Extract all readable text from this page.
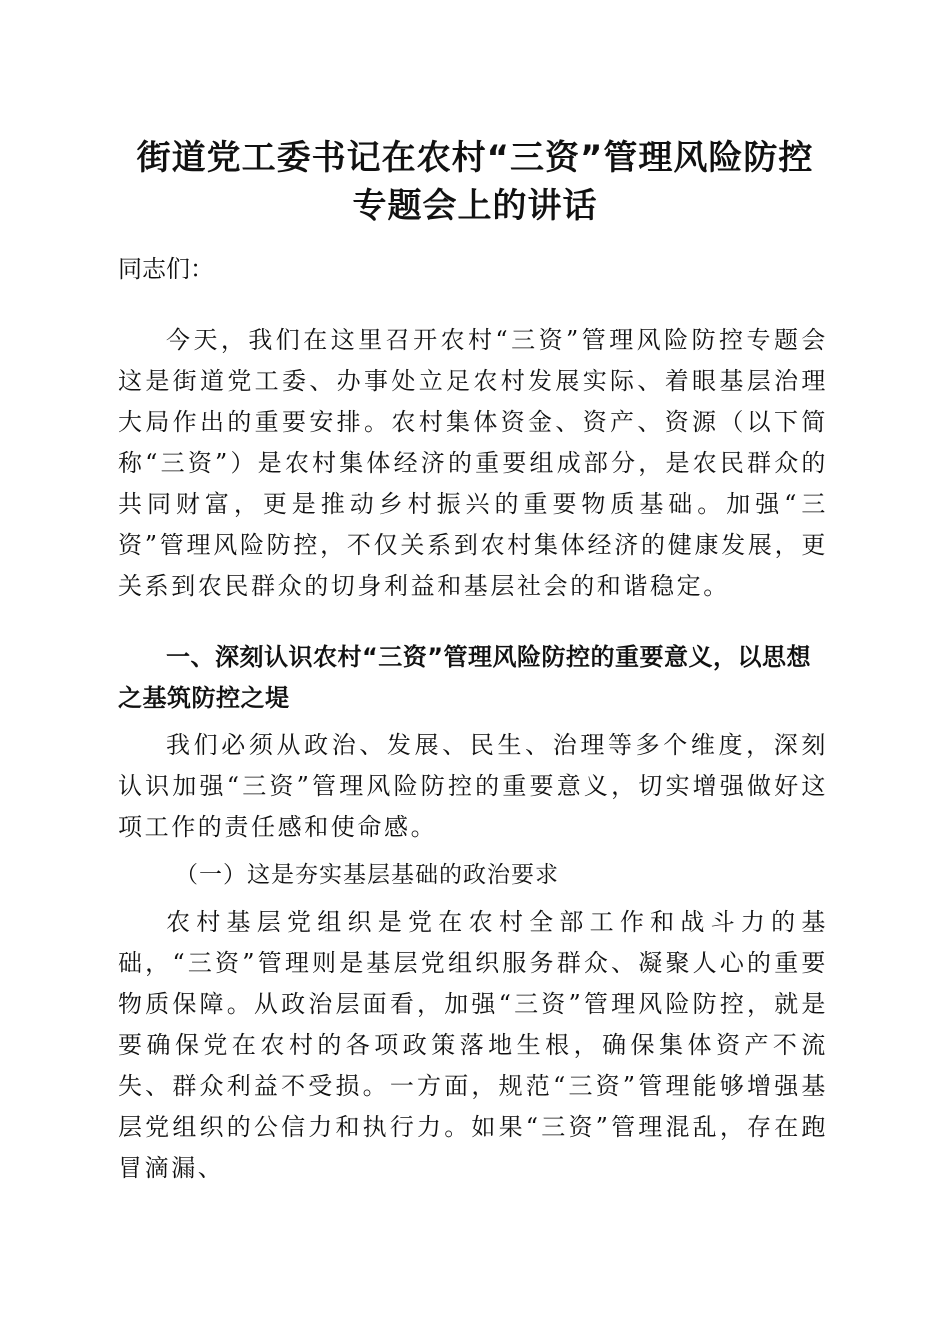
街道党工委书记在农村“三资”管理风险防控
专题会上的讲话
同志们：

今天，我们在这里召开农村“三资”管理风险防控专题会这是街道党工委、办事处立足农村发展实际、着眼基层治理大局作出的重要安排。农村集体资金、资产、资源（以下简称“三资”）是农村集体经济的重要组成部分，是农民群众的共同财富，更是推动乡村振兴的重要物质基础。加强“三资”管理风险防控，不仅关系到农村集体经济的健康发展，更关系到农民群众的切身利益和基层社会的和谐稳定。

一、深刻认识农村“三资”管理风险防控的重要意义，以思想之基筑防控之堤

我们必须从政治、发展、民生、治理等多个维度，深刻认识加强“三资”管理风险防控的重要意义，切实增强做好这项工作的责任感和使命感。

（一）这是夯实基层基础的政治要求

农村基层党组织是党在农村全部工作和战斗力的基础，“三资”管理则是基层党组织服务群众、凝聚人心的重要物质保障。从政治层面看，加强“三资”管理风险防控，就是要确保党在农村的各项政策落地生根，确保集体资产不流失、群众利益不受损。一方面，规范“三资”管理能够增强基层党组织的公信力和执行力。如果“三资”管理混乱，存在跑冒滴漏、
